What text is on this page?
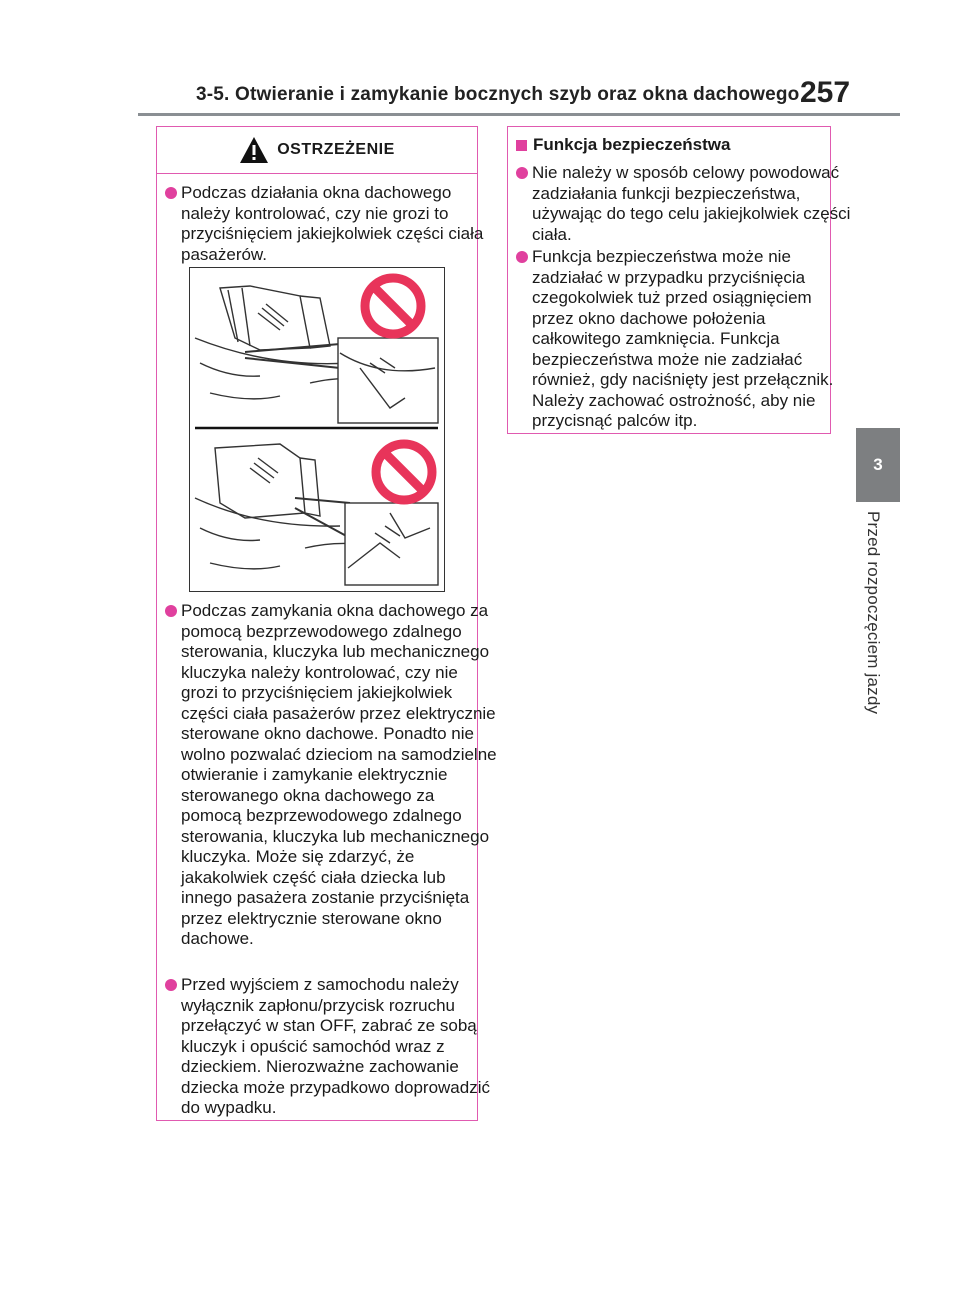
3-5. Otwieranie i zamykanie bocznych szyb oraz okna dachowego 257
3
Przed rozpoczęciem jazdy
OSTRZEŻENIE

Podczas działania okna dachowego należy kontrolować, czy nie grozi to przyciśnięciem jakiejkolwiek części ciała pasażerów.

Podczas zamykania okna dachowego za pomocą bezprzewodowego zdalnego sterowania, kluczyka lub mechanicznego kluczyka należy kontrolować, czy nie grozi to przyciśnięciem jakiejkolwiek części ciała pasażerów przez elektrycznie sterowane okno dachowe. Ponadto nie wolno pozwalać dzieciom na samodzielne otwieranie i zamykanie elektrycznie sterowanego okna dachowego za pomocą bezprzewodowego zdalnego sterowania, kluczyka lub mechanicznego kluczyka. Może się zdarzyć, że jakakolwiek część ciała dziecka lub innego pasażera zostanie przyciśnięta przez elektrycznie sterowane okno dachowe.

Przed wyjściem z samochodu należy wyłącznik zapłonu/przycisk rozruchu przełączyć w stan OFF, zabrać ze sobą kluczyk i opuścić samochód wraz z dzieckiem. Nierozważne zachowanie dziecka może przypadkowo doprowadzić do wypadku.

Funkcja bezpieczeństwa

Nie należy w sposób celowy powodować zadziałania funkcji bezpieczeństwa, używając do tego celu jakiejkolwiek części ciała.

Funkcja bezpieczeństwa może nie zadziałać w przypadku przyciśnięcia czegokolwiek tuż przed osiągnięciem przez okno dachowe położenia całkowitego zamknięcia. Funkcja bezpieczeństwa może nie zadziałać również, gdy naciśnięty jest przełącznik. Należy zachować ostrożność, aby nie przycisnąć palców itp.
